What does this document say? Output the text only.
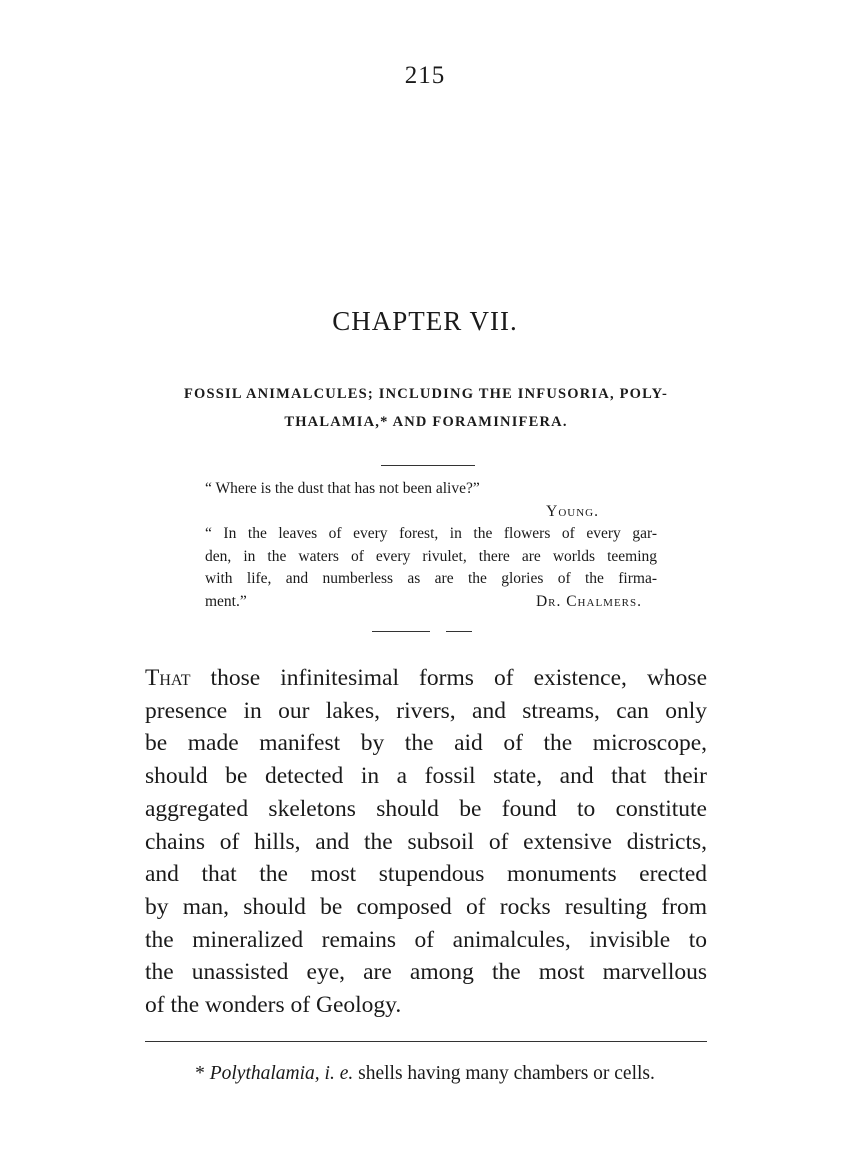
215
CHAPTER VII.
FOSSIL ANIMALCULES; INCLUDING THE INFUSORIA, POLY-
THALAMIA,* AND FORAMINIFERA.
“ Where is the dust that has not been alive?”
Young.
“ In the leaves of every forest, in the flowers of every gar-
den, in the waters of every rivulet, there are worlds teeming
with life, and numberless as are the glories of the firma-
ment.”	Dr. Chalmers.
That those infinitesimal forms of existence, whose
presence in our lakes, rivers, and streams, can only
be made manifest by the aid of the microscope,
should be detected in a fossil state, and that their
aggregated skeletons should be found to constitute
chains of hills, and the subsoil of extensive districts,
and that the most stupendous monuments erected
by man, should be composed of rocks resulting from
the mineralized remains of animalcules, invisible to
the unassisted eye, are among the most marvellous
of the wonders of Geology.
* Polythalamia, i. e. shells having many chambers or cells.
